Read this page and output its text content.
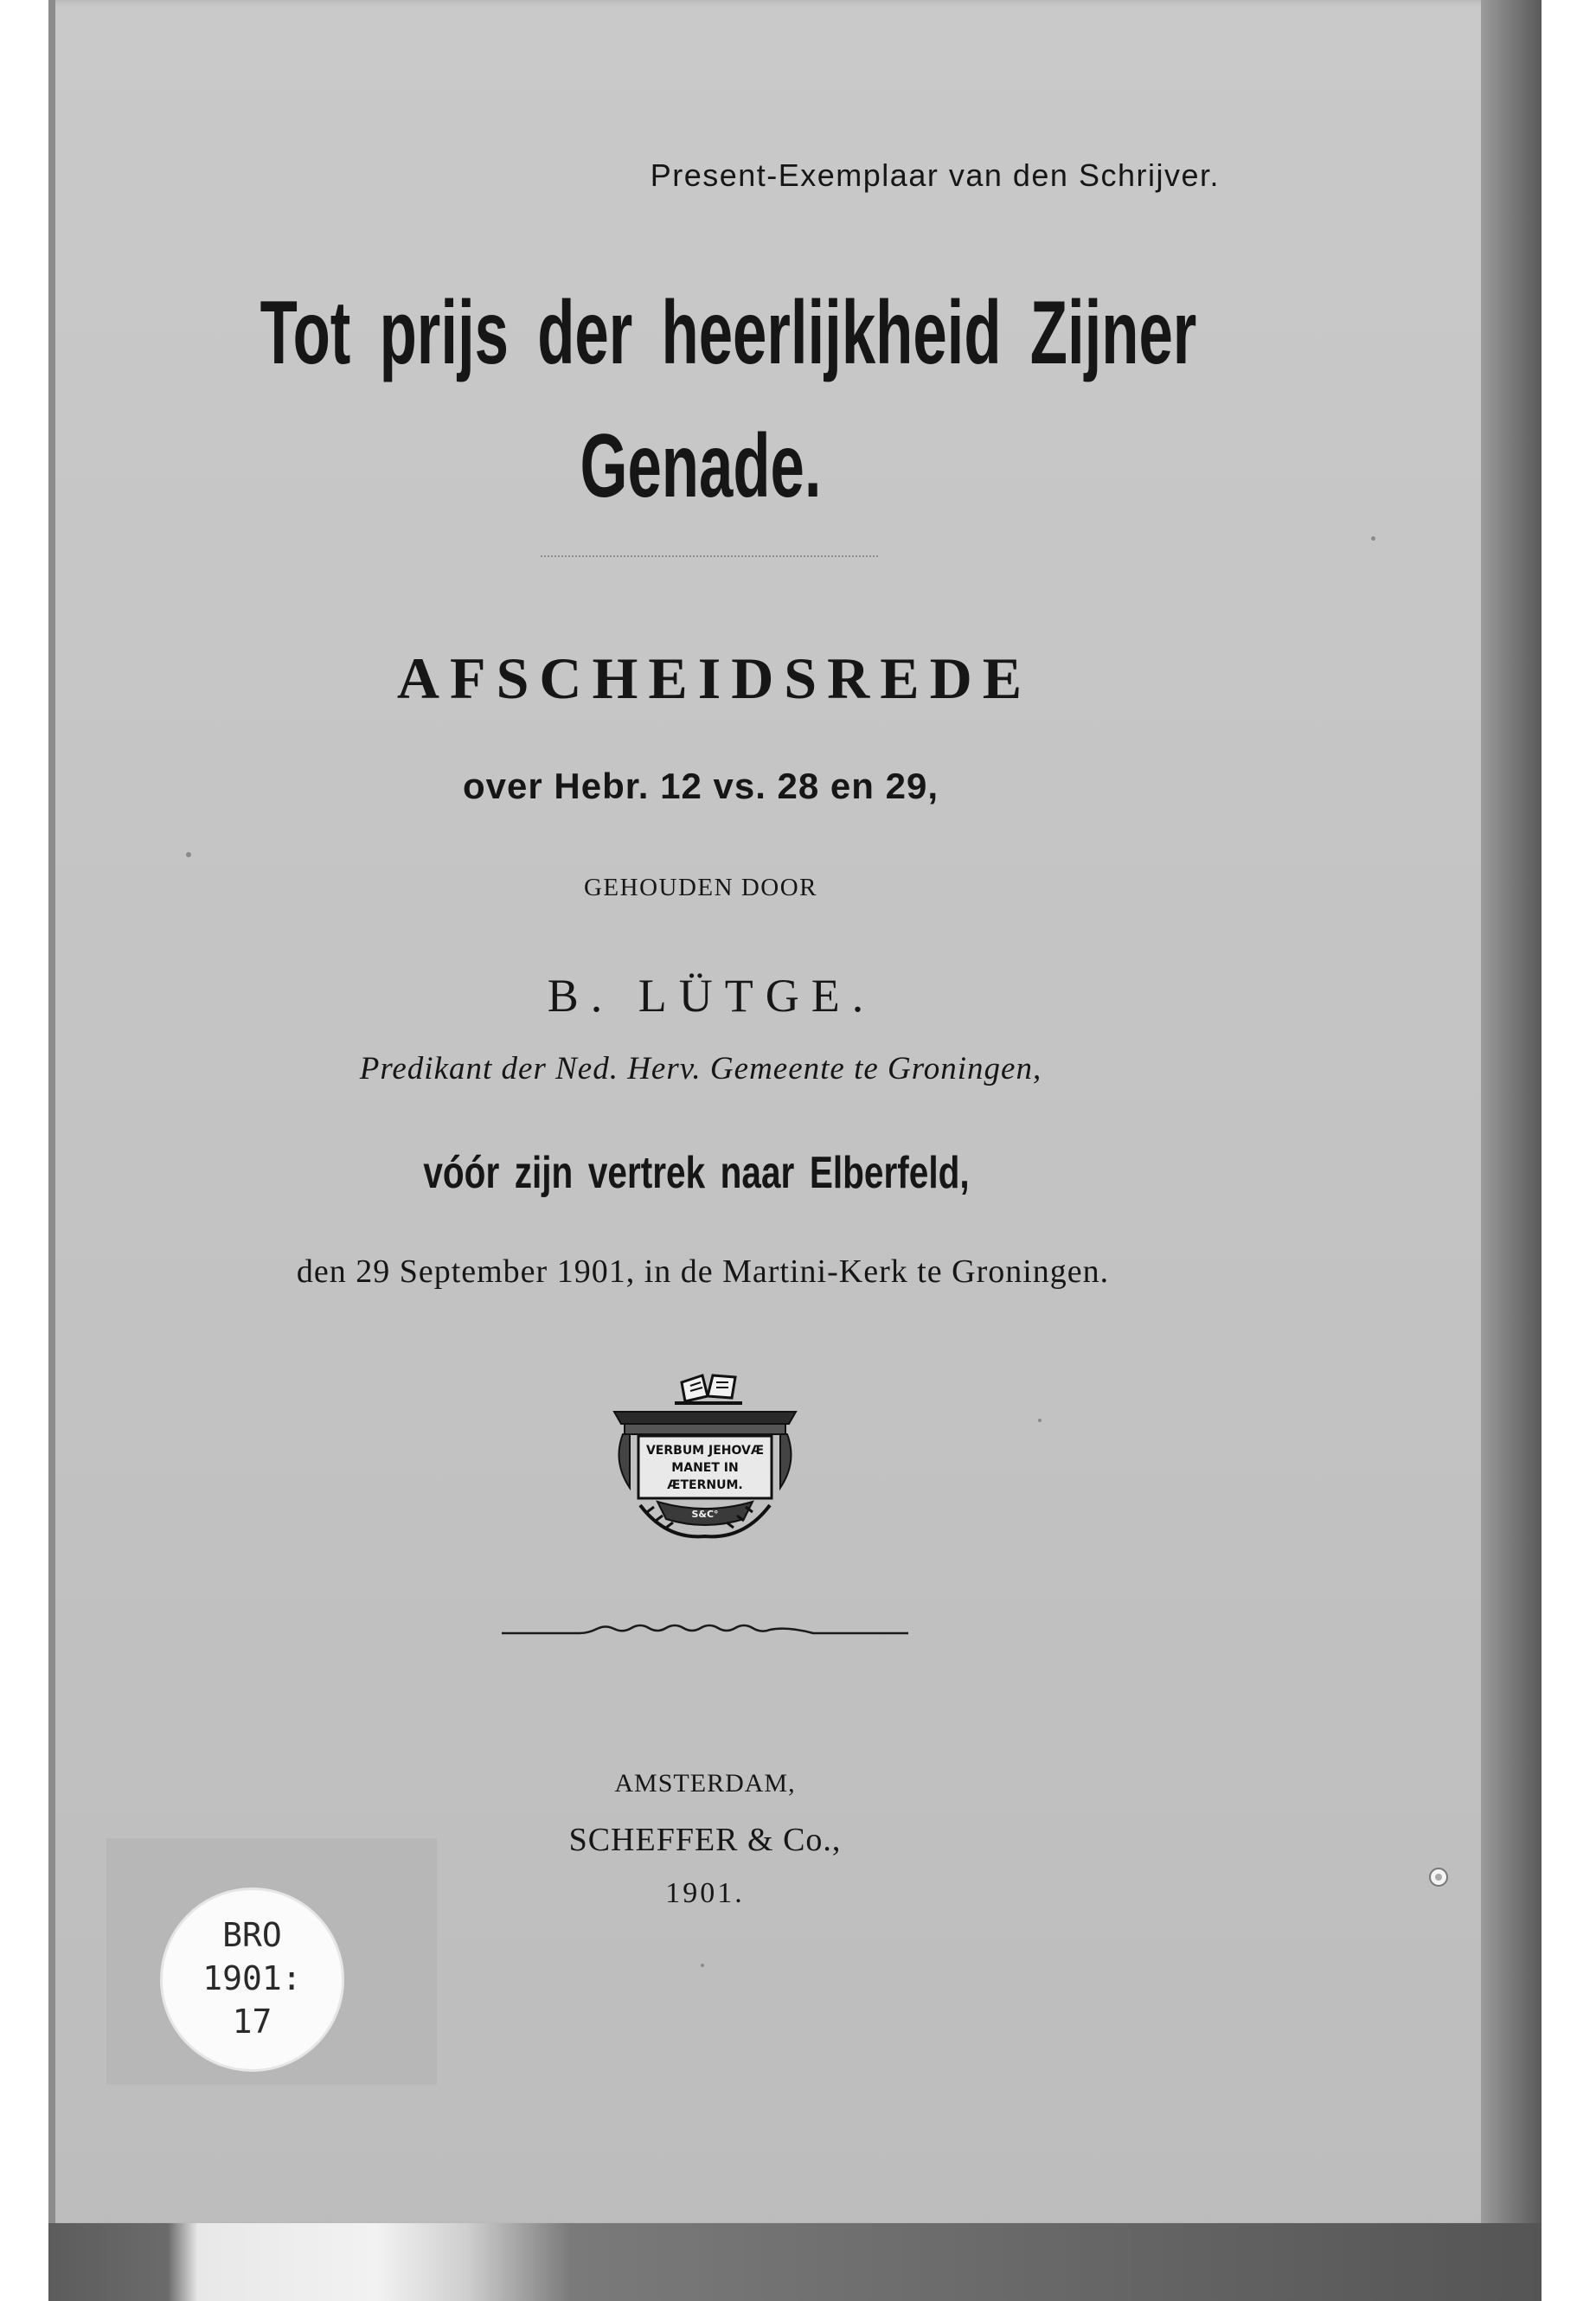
Present-Exemplaar van den Schrijver.
Tot prijs der heerlijkheid Zijner
Genade.
AFSCHEIDSREDE
over Hebr. 12 vs. 28 en 29,
GEHOUDEN DOOR
B. LÜTGE.
Predikant der Ned. Herv. Gemeente te Groningen,
vóór zijn vertrek naar Elberfeld,
den 29 September 1901, in de Martini-Kerk te Groningen.
VERBUM JEHOVÆ
MANET IN
ÆTERNUM.
S&C°
AMSTERDAM,
SCHEFFER & Co.,
1901.
BRO
1901:
17
